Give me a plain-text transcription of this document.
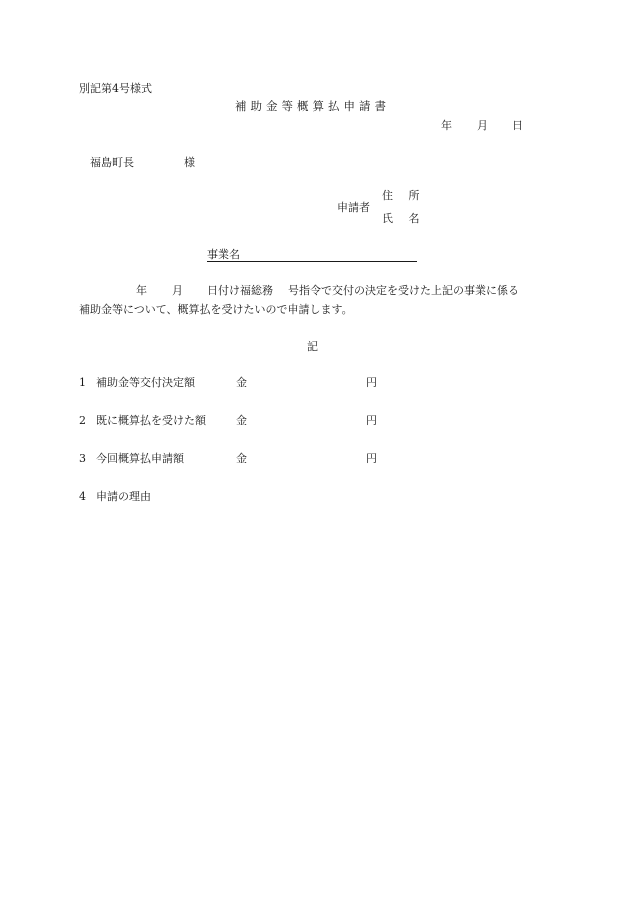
別記第4号様式
補助金等概算払申請書
年 月 日
福島町長	様
申請者
住 所
氏 名
事業名
年 月 日付け福総務 号指令で交付の決定を受けた上記の事業に係る
補助金等について、概算払を受けたいので申請します。
記
1 補助金等交付決定額	金	円
2 既に概算払を受けた額	金	円
3 今回概算払申請額	金	円
4 申請の理由
